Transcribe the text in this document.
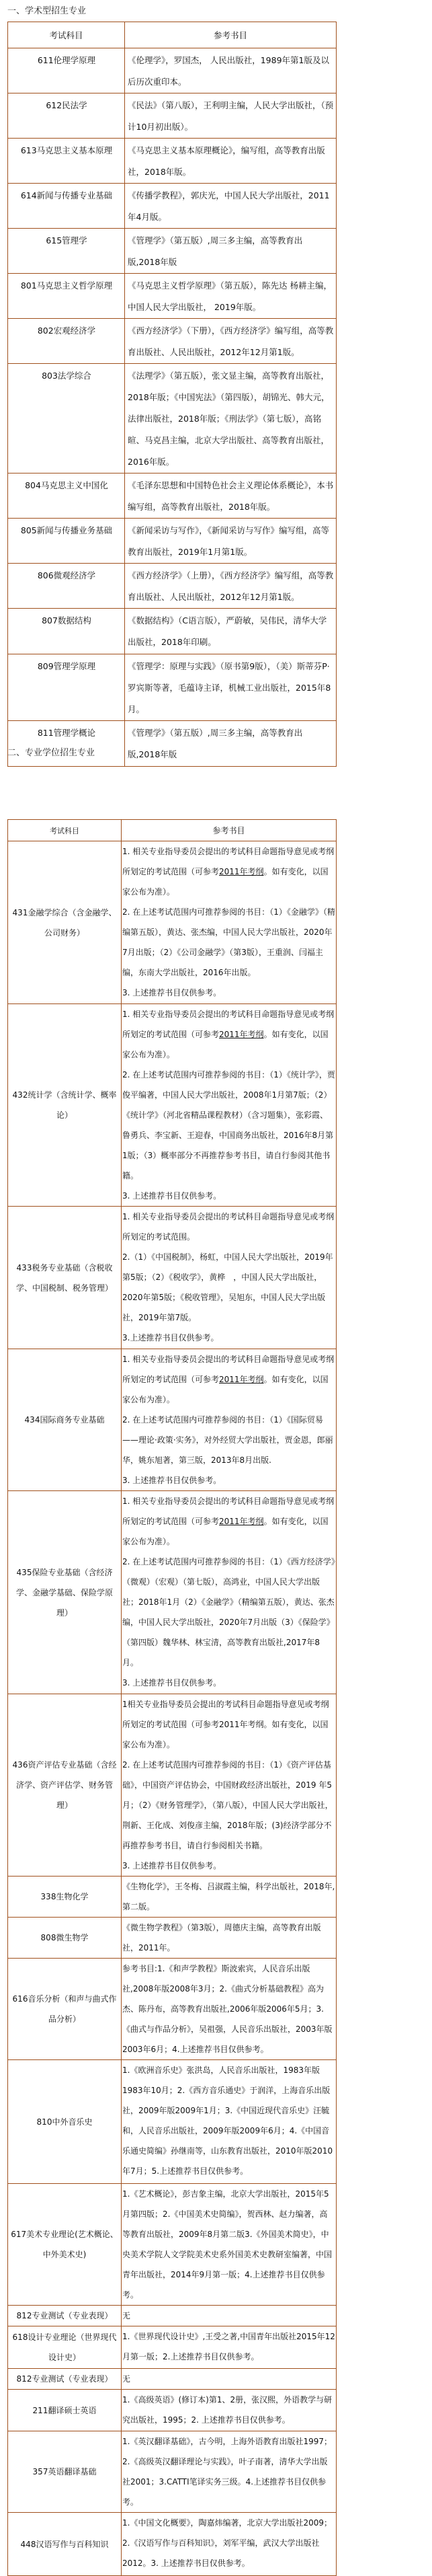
一、学术型招生专业
考试科目	参考书目
611伦理学原理	《伦理学》，罗国杰， 人民出版社，1989年第1版及以后历次重印本。
612民法学	《民法》（第八版），王利明主编，人民大学出版社，（预计10月初出版）。
613马克思主义基本原理	《马克思主义基本原理概论》，编写组，高等教育出版社，2018年版。
614新闻与传播专业基础	《传播学教程》，郭庆光，中国人民大学出版社，2011年4月版。
615管理学	《管理学》（第五版）,周三多主编，高等教育出版,2018年版
801马克思主义哲学原理	《马克思主义哲学原理》（第五版），陈先达 杨耕主编，中国人民大学出版社， 2019年版。
802宏观经济学	《西方经济学》（下册），《西方经济学》编写组，高等教育出版社、人民出版社，2012年12月第1版。
803法学综合	《法理学》（第五版），张文显主编，高等教育出版社，2018年版；《中国宪法》（第四版），胡锦光、韩大元，法律出版社，2018年版；《刑法学》（第七版），高铭暄、马克昌主编，北京大学出版社、高等教育出版社，2016年版。
804马克思主义中国化	《毛泽东思想和中国特色社会主义理论体系概论》，本书编写组，高等教育出版社，2018年版。
805新闻与传播业务基础	《新闻采访与写作》，《新闻采访与写作》编写组，高等教育出版社，2019年1月第1版。
806微观经济学	《西方经济学》（上册），《西方经济学》编写组，高等教育出版社、人民出版社，2012年12月第1版。
807数据结构	《数据结构》（C语言版），严蔚敏，吴伟民，清华大学出版社，2018年印刷。
809管理学原理	《管理学：原理与实践》（原书第9版），（美）斯蒂芬P·罗宾斯等著，毛蕴诗主译，机械工业出版社，2015年8月。
811管理学概论	《管理学》（第五版）,周三多主编，高等教育出版,2018年版
二、专业学位招生专业
考试科目	参考书目
431金融学综合（含金融学、公司财务）	1. 相关专业指导委员会提出的考试科目命题指导意见或考纲所划定的考试范围（可参考2011年考纲。如有变化，以国家公布为准）。

2. 在上述考试范围内可推荐参阅的书目：（1）《金融学》（精编第五版），黄达、张杰编，中国人民大学出版社，2020年7月出版；（2）《公司金融学》（第3版），王重润、闫福主编，东南大学出版社，2016年出版。

3. 上述推荐书目仅供参考。

432统计学（含统计学、概率论）	1. 相关专业指导委员会提出的考试科目命题指导意见或考纲所划定的考试范围（可参考2011年考纲。如有变化，以国家公布为准）。

2. 在上述考试范围内可推荐参阅的书目：（1）《统计学》，贾俊平编著，中国人民大学出版社，2008年1月第7版；（2）《统计学》（河北省精品课程教材）（含习题集），张彩霞、鲁勇兵、李宝新、王迎春，中国商务出版社，2016年8月第1版；（3）概率部分不再推荐参考书目，请自行参阅其他书籍。

3. 上述推荐书目仅供参考。

433税务专业基础（含税收学、中国税制、税务管理）	1. 相关专业指导委员会提出的考试科目命题指导意见或考纲所划定的考试范围。

2.（1）《中国税制》，杨虹，中国人民大学出版社，2019年第5版；（2）《税收学》，黄桦　，中国人民大学出版社，2020年第5版；《税收管理》，吴旭东，中国人民大学出版社，2019年第7版。

3.上述推荐书目仅供参考。

434国际商务专业基础	1. 相关专业指导委员会提出的考试科目命题指导意见或考纲所划定的考试范围（可参考2011年考纲。如有变化，以国家公布为准）。

2. 在上述考试范围内可推荐参阅的书目：（1）《国际贸易——理论·政策·实务》，对外经贸大学出版社，贾金恩，郎丽华，姚东旭著，第三版，2013年8月出版.

3. 上述推荐书目仅供参考。

435保险专业基础（含经济学、金融学基础、保险学原理）	1. 相关专业指导委员会提出的考试科目命题指导意见或考纲所划定的考试范围（可参考2011年考纲。如有变化，以国家公布为准）。

2. 在上述考试范围内可推荐参阅的书目：（1）《西方经济学》（微观）（宏观）（第七版），高鸿业，中国人民大学出版社；2018年1月（2）《金融学》（精编第五版），黄达、张杰编，中国人民大学出版社，2020年7月出版（3）《保险学》（第四版）魏华林、林宝清，高等教育出版社,2017年8月。

3. 上述推荐书目仅供参考。

436资产评估专业基础（含经济学、资产评估学、财务管理）	1相关专业指导委员会提出的考试科目命题指导意见或考纲所划定的考试范围（可参考2011年考纲。如有变化，以国家公布为准）。

2. 在上述考试范围内可推荐参阅的书目：（1）《资产评估基础》，中国资产评估协会，中国财政经济出版社，2019 年5月；（2）《财务管理学》，（第八版），中国人民大学出版社，荆新、王化成、刘俊彦主编，2018年版；(3)经济学部分不再推荐参考书目，请自行参阅相关书籍。

3. 上述推荐书目仅供参考。

338生物化学	《生物化学》，王冬梅、吕淑霞主编，科学出版社，2018年,第二版。

808微生物学	《微生物学教程》（第3版），周德庆主编，高等教育出版社，2011年。

616音乐分析（和声与曲式作品分析）	参考书目:1.《和声学教程》斯波索宾，人民音乐出版社,2008年版2008年3月；2.《曲式分析基础教程》高为杰、陈丹布，高等教育出版社,2006年版2006年5月；3.《曲式与作品分析》，吴祖强，人民音乐出版社，2003年版2003年6月；4.上述推荐书目仅供参考。

810中外音乐史	1.《欧洲音乐史》张洪岛，人民音乐出版社，1983年版1983年10月；2.《西方音乐通史》于润洋，上海音乐出版社，2009年版2009年1月；3.《中国近现代音乐史》汪毓和，人民音乐出版社，2009年版2009年6月；4.《中国音乐通史简编》孙继南等，山东教育出版社，2010年版2010年7月；5.上述推荐书目仅供参考。

617美术专业理论(艺术概论、中外美术史)	1.《艺术概论》，彭吉象主编，北京大学出版社，2015年5月第四版；2.《中国美术史简编》，贺西林、赵力编著，高等教育出版社，2009年8月第二版3.《外国美术简史》，中央美术学院人文学院美术史系外国美术史教研室编著，中国青年出版社，2014年9月第一版；4.上述推荐书目仅供参考。

812专业测试（专业表现）	无

618设计专业理论（世界现代设计史）	1.《世界现代设计史》,王受之著,中国青年出版社2015年12月第一版；2.上述推荐书目仅供参考。

812专业测试（专业表现）	无

211翻译硕士英语	1.《高级英语》(修订本)第1、2册，张汉熙，外语教学与研究出版社，1995；2. 上述推荐书目仅供参考。

357英语翻译基础	1.《英汉翻译基础》，古今明，上海外语教育出版社1997；2.《高级英汉翻译理论与实践》，叶子南著，清华大学出版社2001；3.CATTI笔译实务三级。4.上述推荐书目仅供参考。

448汉语写作与百科知识	1.《中国文化概要》，陶嘉炜编著，北京大学出版社2009；2.《汉语写作与百科知识》，刘军平编，武汉大学出版社2012。3. 上述推荐书目仅供参考。
